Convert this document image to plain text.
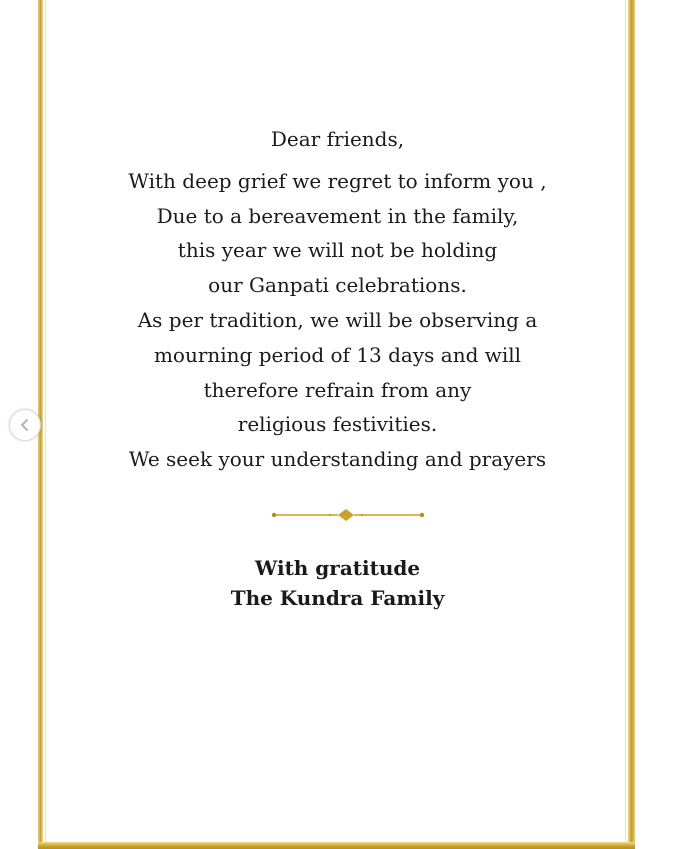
Dear friends,
With deep grief we regret to inform you ,
Due to a bereavement in the family,
this year we will not be holding
our Ganpati celebrations.
As per tradition, we will be observing a
mourning period of 13 days and will
therefore refrain from any
religious festivities.
We seek your understanding and prayers
With gratitude
The Kundra Family
